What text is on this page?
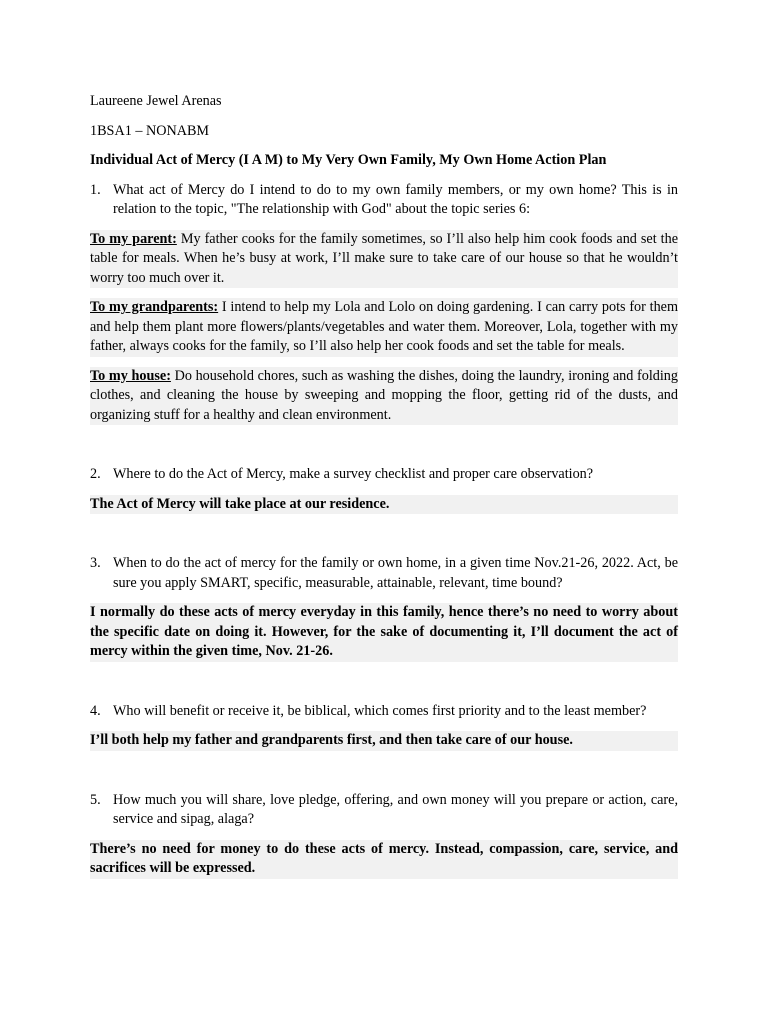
Laureene Jewel Arenas

1BSA1 – NONABM

Individual Act of Mercy (I A M) to My Very Own Family, My Own Home Action Plan

1. What act of Mercy do I intend to do to my own family members, or my own home? This is in relation to the topic, "The relationship with God" about the topic series 6:

To my parent: My father cooks for the family sometimes, so I’ll also help him cook foods and set the table for meals. When he’s busy at work, I’ll make sure to take care of our house so that he wouldn’t worry too much over it.

To my grandparents: I intend to help my Lola and Lolo on doing gardening. I can carry pots for them and help them plant more flowers/plants/vegetables and water them. Moreover, Lola, together with my father, always cooks for the family, so I’ll also help her cook foods and set the table for meals.

To my house: Do household chores, such as washing the dishes, doing the laundry, ironing and folding clothes, and cleaning the house by sweeping and mopping the floor, getting rid of the dusts, and organizing stuff for a healthy and clean environment.

2. Where to do the Act of Mercy, make a survey checklist and proper care observation?

The Act of Mercy will take place at our residence.

3. When to do the act of mercy for the family or own home, in a given time Nov.21-26, 2022. Act, be sure you apply SMART, specific, measurable, attainable, relevant, time bound?

I normally do these acts of mercy everyday in this family, hence there’s no need to worry about the specific date on doing it. However, for the sake of documenting it, I’ll document the act of mercy within the given time, Nov. 21-26.

4. Who will benefit or receive it, be biblical, which comes first priority and to the least member?

I’ll both help my father and grandparents first, and then take care of our house.

5. How much you will share, love pledge, offering, and own money will you prepare or action, care, service and sipag, alaga?

There’s no need for money to do these acts of mercy. Instead, compassion, care, service, and sacrifices will be expressed.
